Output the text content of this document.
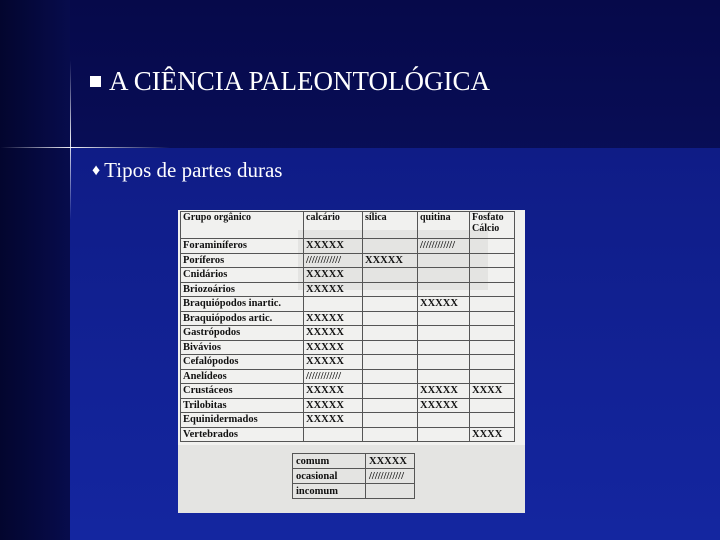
A CIÊNCIA PALEONTOLÓGICA
♦ Tipos de partes duras
Grupo orgânico	calcário	sílica	quitina	Fosfato Cálcio
Foraminíferos	XXXXX		////////////	
Poríferos	////////////	XXXXX		
Cnidários	XXXXX			
Briozoários	XXXXX			
Braquiópodos inartic.			XXXXX	
Braquiópodos artic.	XXXXX			
Gastrópodos	XXXXX			
Bivávios	XXXXX			
Cefalópodos	XXXXX			
Anelídeos	////////////			
Crustáceos	XXXXX		XXXXX	XXXX
Trilobitas	XXXXX		XXXXX	
Equinidermados	XXXXX			
Vertebrados				XXXX
comum	XXXXX
ocasional	////////////
incomum	
